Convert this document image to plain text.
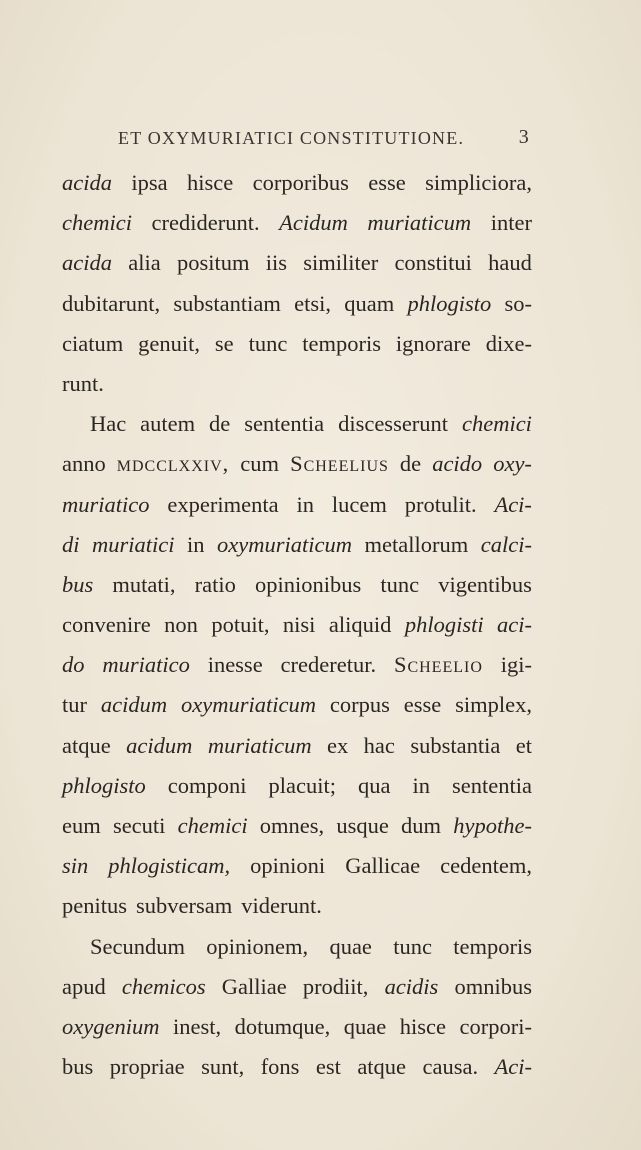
ET OXYMURIATICI CONSTITUTIONE.	3
acida ipsa hisce corporibus esse simpliciora,
chemici crediderunt. Acidum muriaticum inter
acida alia positum iis similiter constitui haud
dubitarunt, substantiam etsi, quam phlogisto so-
ciatum genuit, se tunc temporis ignorare dixe-
runt.
Hac autem de sententia discesserunt chemici
anno mdcclxxiv, cum Scheelius de acido oxy-
muriatico experimenta in lucem protulit. Aci-
di muriatici in oxymuriaticum metallorum calci-
bus mutati, ratio opinionibus tunc vigentibus
convenire non potuit, nisi aliquid phlogisti aci-
do muriatico inesse crederetur. Scheelio igi-
tur acidum oxymuriaticum corpus esse simplex,
atque acidum muriaticum ex hac substantia et
phlogisto componi placuit; qua in sententia
eum secuti chemici omnes, usque dum hypothe-
sin phlogisticam, opinioni Gallicae cedentem,
penitus subversam viderunt.
Secundum opinionem, quae tunc temporis
apud chemicos Galliae prodiit, acidis omnibus
oxygenium inest, dotumque, quae hisce corpori-
bus propriae sunt, fons est atque causa. Aci-
